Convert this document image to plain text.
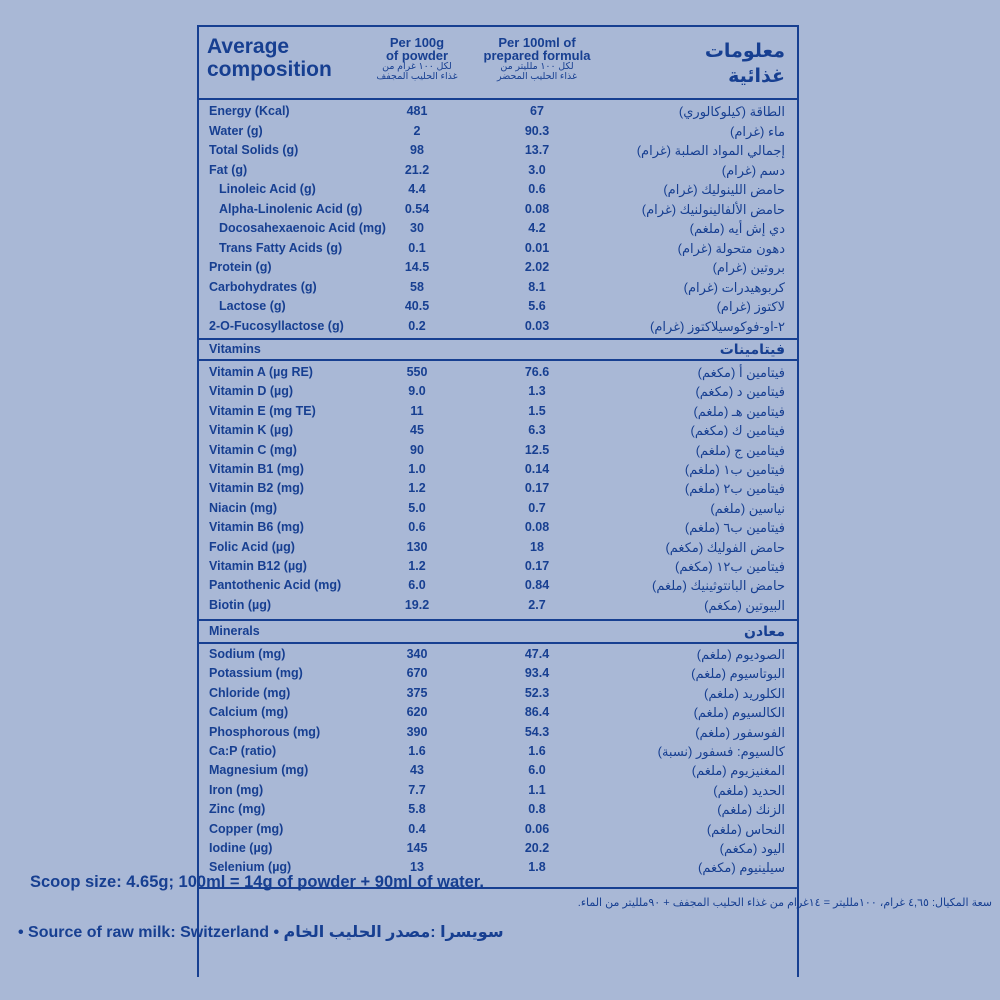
Average
composition
Per 100g
of powder
لكل ١٠٠ غرام من
غذاء الحليب المجفف
Per 100ml of
prepared formula
لكل ١٠٠ ملليتر من
غذاء الحليب المحضر
معلومات
غذائية
Energy (Kcal)	481	67	الطاقة (كيلوكالوري)
Water (g)	2	90.3	ماء (غرام)
Total Solids (g)	98	13.7	إجمالي المواد الصلبة (غرام)
Fat (g)	21.2	3.0	دسم (غرام)
Linoleic Acid (g)	4.4	0.6	حامض اللينوليك (غرام)
Alpha-Linolenic Acid (g)	0.54	0.08	حامض الألفالينولنيك (غرام)
Docosahexaenoic Acid (mg)	30	4.2	دي إش أيه (ملغم)
Trans Fatty Acids (g)	0.1	0.01	دهون متحولة (غرام)
Protein (g)	14.5	2.02	بروتين (غرام)
Carbohydrates (g)	58	8.1	كربوهيدرات (غرام)
Lactose (g)	40.5	5.6	لاكتوز (غرام)
2-O-Fucosyllactose (g)	0.2	0.03	٢-او-فوكوسيلاكتوز (غرام)
Vitamin A (µg RE)	550	76.6	فيتامين أ (مكغم)
Vitamin D (µg)	9.0	1.3	فيتامين د (مكغم)
Vitamin E (mg TE)	11	1.5	فيتامين هـ (ملغم)
Vitamin K (µg)	45	6.3	فيتامين ك (مكغم)
Vitamin C (mg)	90	12.5	فيتامين ج (ملغم)
Vitamin B1 (mg)	1.0	0.14	فيتامين ب١ (ملغم)
Vitamin B2 (mg)	1.2	0.17	فيتامين ب٢ (ملغم)
Niacin (mg)	5.0	0.7	نياسين (ملغم)
Vitamin B6 (mg)	0.6	0.08	فيتامين ب٦ (ملغم)
Folic Acid (µg)	130	18	حامض الفوليك (مكغم)
Vitamin B12 (µg)	1.2	0.17	فيتامين ب١٢ (مكغم)
Pantothenic Acid (mg)	6.0	0.84	حامض البانتوثينيك (ملغم)
Biotin (µg)	19.2	2.7	البيوتين (مكغم)
Sodium (mg)	340	47.4	الصوديوم (ملغم)
Potassium (mg)	670	93.4	البوتاسيوم (ملغم)
Chloride (mg)	375	52.3	الكلوريد (ملغم)
Calcium (mg)	620	86.4	الكالسيوم (ملغم)
Phosphorous (mg)	390	54.3	الفوسفور (ملغم)
Ca:P (ratio)	1.6	1.6	كالسيوم: فسفور (نسبة)
Magnesium (mg)	43	6.0	المغنيزيوم (ملغم)
Iron (mg)	7.7	1.1	الحديد (ملغم)
Zinc (mg)	5.8	0.8	الزنك (ملغم)
Copper (mg)	0.4	0.06	النحاس (ملغم)
Iodine (µg)	145	20.2	اليود (مكغم)
Selenium (µg)	13	1.8	سيلينيوم (مكغم)
Vitamins	فيتامينات
Minerals	معادن
Scoop size: 4.65g; 100ml = 14g of powder + 90ml of water.
سعة المكيال: ٤,٦٥ غرام، ١٠٠ملليتر = ١٤غرام من غذاء الحليب المجفف + ٩٠ملليتر من الماء.
• Source of raw milk: Switzerland سويسرا :مصدر الحليب الخام •
